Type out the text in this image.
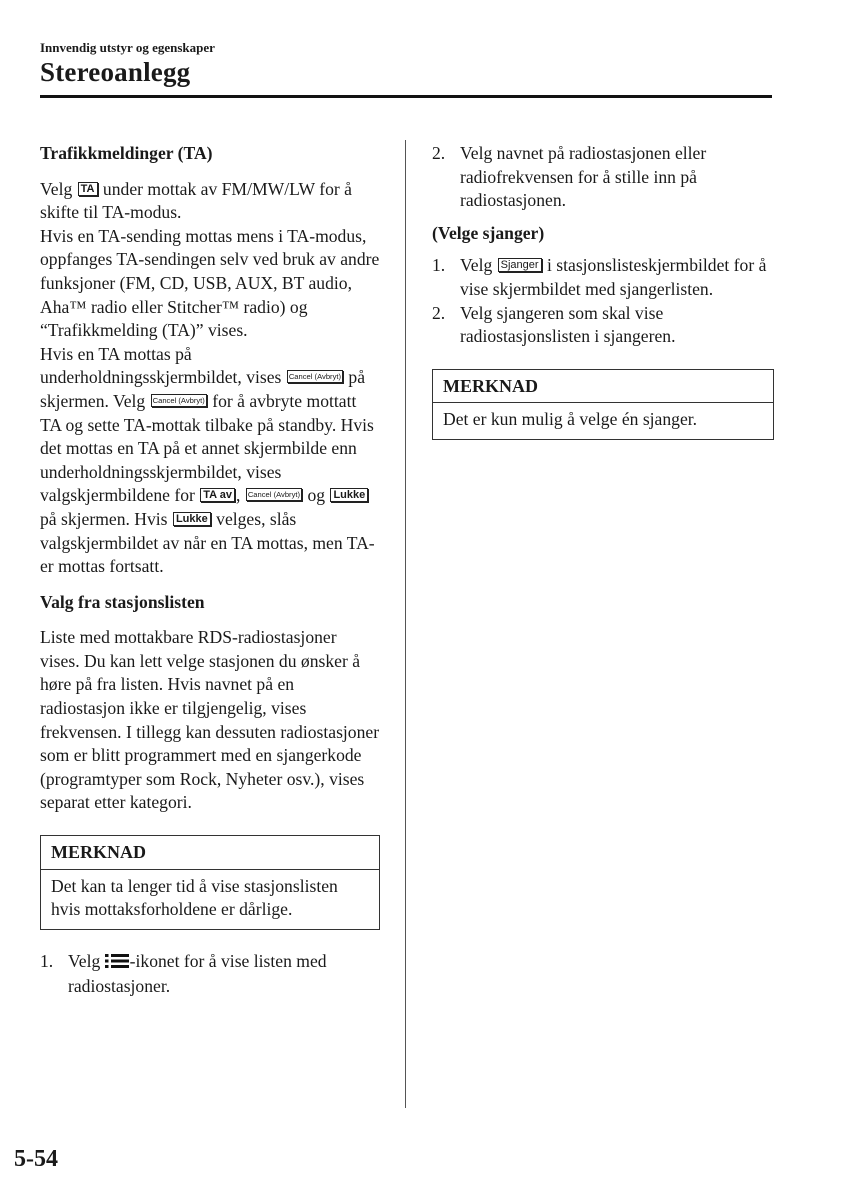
Innvendig utstyr og egenskaper
Stereoanlegg

Trafikkmeldinger (TA)

Velg TA under mottak av FM/MW/LW for å skifte til TA-modus.

Hvis en TA-sending mottas mens i TA-modus, oppfanges TA-sendingen selv ved bruk av andre funksjoner (FM, CD, USB, AUX, BT audio, Aha™ radio eller Stitcher™ radio) og “Trafikkmelding (TA)” vises.

Hvis en TA mottas på underholdningsskjermbildet, vises Cancel (Avbryt) på skjermen. Velg Cancel (Avbryt) for å avbryte mottatt TA og sette TA-mottak tilbake på standby. Hvis det mottas en TA på et annet skjermbilde enn underholdningsskjermbildet, vises valgskjermbildene for TA av , Cancel (Avbryt) og Lukke på skjermen. Hvis Lukke velges, slås valgskjermbildet av når en TA mottas, men TA-er mottas fortsatt.

Valg fra stasjonslisten

Liste med mottakbare RDS-radiostasjoner vises. Du kan lett velge stasjonen du ønsker å høre på fra listen. Hvis navnet på en radiostasjon ikke er tilgjengelig, vises frekvensen. I tillegg kan dessuten radiostasjoner som er blitt programmert med en sjangerkode (programtyper som Rock, Nyheter osv.), vises separat etter kategori.

MERKNAD
Det kan ta lenger tid å vise stasjonslisten hvis mottaksforholdene er dårlige.
1. Velg -ikonet for å vise listen med radiostasjoner.
2. Velg navnet på radiostasjonen eller radiofrekvensen for å stille inn på radiostasjonen.

(Velge sjanger)

1. Velg Sjanger i stasjonslisteskjermbildet for å vise skjermbildet med sjangerlisten.
2. Velg sjangeren som skal vise radiostasjonslisten i sjangeren.
MERKNAD
Det er kun mulig å velge én sjanger.
5-54
